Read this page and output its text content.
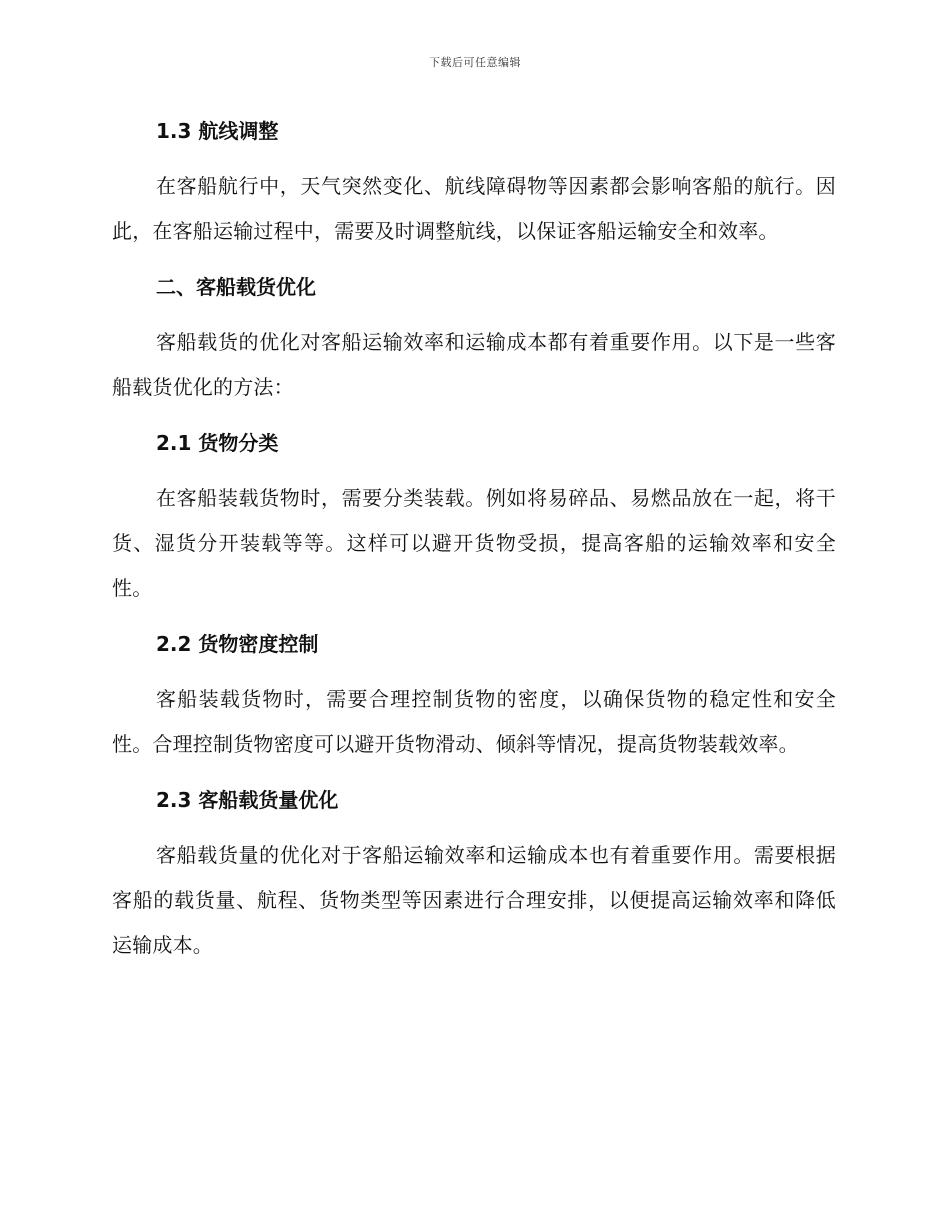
下载后可任意编辑
1.3 航线调整

在客船航行中，天气突然变化、航线障碍物等因素都会影响客船的航行。因此，在客船运输过程中，需要及时调整航线，以保证客船运输安全和效率。

二、客船载货优化

客船载货的优化对客船运输效率和运输成本都有着重要作用。以下是一些客船载货优化的方法：

2.1 货物分类

在客船装载货物时，需要分类装载。例如将易碎品、易燃品放在一起，将干货、湿货分开装载等等。这样可以避开货物受损，提高客船的运输效率和安全性。

2.2 货物密度控制

客船装载货物时，需要合理控制货物的密度，以确保货物的稳定性和安全性。合理控制货物密度可以避开货物滑动、倾斜等情况，提高货物装载效率。

2.3 客船载货量优化

客船载货量的优化对于客船运输效率和运输成本也有着重要作用。需要根据客船的载货量、航程、货物类型等因素进行合理安排，以便提高运输效率和降低运输成本。
